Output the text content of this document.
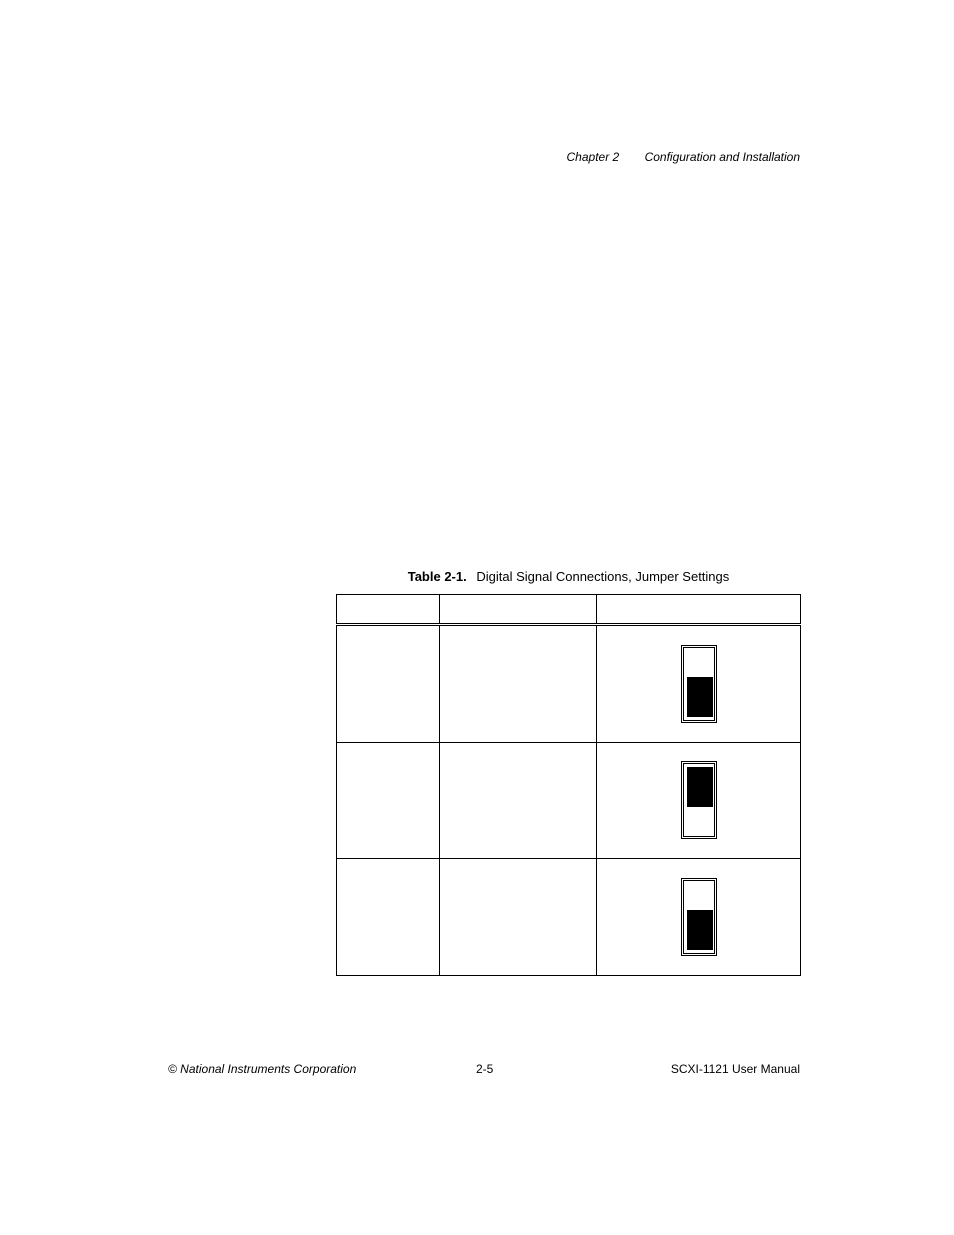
Chapter 2 Configuration and Installation
Table 2-1. Digital Signal Connections, Jumper Settings

© National Instruments Corporation	2-5	SCXI-1121 User Manual
